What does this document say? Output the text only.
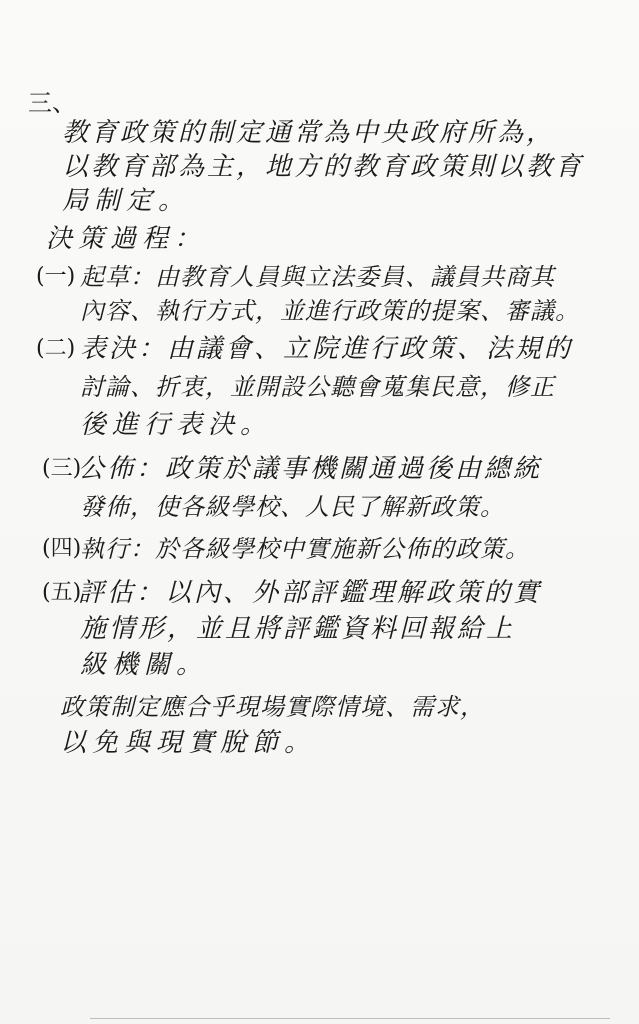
三、
教育政策的制定通常為中央政府所為，
以教育部為主，地方的教育政策則以教育
局制定。
決策過程：
(一) 起草：由教育人員與立法委員、議員共商其
內容、執行方式，並進行政策的提案、審議。
(二) 表決：由議會、立院進行政策、法規的
討論、折衷，並開設公聽會蒐集民意，修正
後進行表決。
(三)
公佈：政策於議事機關通過後由總統
發佈，使各級學校、人民了解新政策。
(四)
執行：於各級學校中實施新公佈的政策。
(五)
評估：以內、外部評鑑理解政策的實
施情形，並且將評鑑資料回報給上
級機關。
政策制定應合乎現場實際情境、需求，
以免與現實脫節。
